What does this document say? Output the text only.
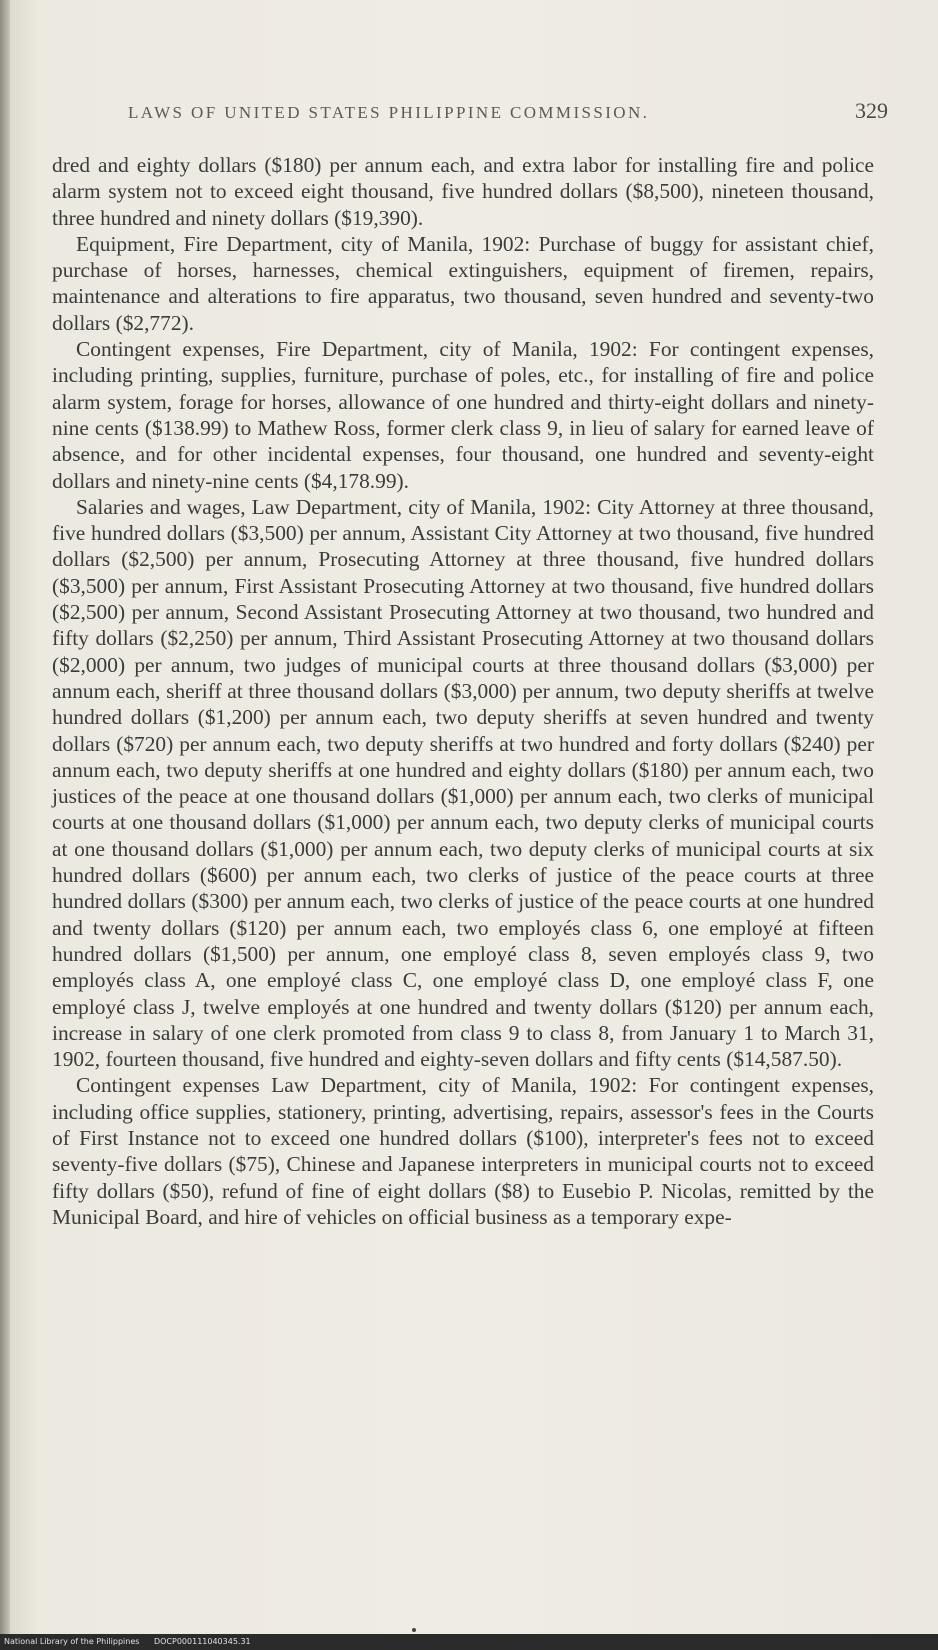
LAWS OF UNITED STATES PHILIPPINE COMMISSION.	329

dred and eighty dollars ($180) per annum each, and extra labor for installing fire and police alarm system not to exceed eight thousand, five hundred dollars ($8,500), nineteen thousand, three hundred and ninety dollars ($19,390).

Equipment, Fire Department, city of Manila, 1902: Purchase of buggy for assistant chief, purchase of horses, harnesses, chemical extinguishers, equipment of firemen, repairs, maintenance and alterations to fire apparatus, two thousand, seven hundred and seventy-two dollars ($2,772).

Contingent expenses, Fire Department, city of Manila, 1902: For contingent expenses, including printing, supplies, furniture, purchase of poles, etc., for installing of fire and police alarm system, forage for horses, allowance of one hundred and thirty-eight dollars and ninety-nine cents ($138.99) to Mathew Ross, former clerk class 9, in lieu of salary for earned leave of absence, and for other incidental expenses, four thousand, one hundred and seventy-eight dollars and ninety-nine cents ($4,178.99).

Salaries and wages, Law Department, city of Manila, 1902: City Attorney at three thousand, five hundred dollars ($3,500) per annum, Assistant City Attorney at two thousand, five hundred dollars ($2,500) per annum, Prosecuting Attorney at three thousand, five hundred dollars ($3,500) per annum, First Assistant Prosecuting Attorney at two thousand, five hundred dollars ($2,500) per annum, Second Assistant Prosecuting Attorney at two thousand, two hundred and fifty dollars ($2,250) per annum, Third Assistant Prosecuting Attorney at two thousand dollars ($2,000) per annum, two judges of municipal courts at three thousand dollars ($3,000) per annum each, sheriff at three thousand dollars ($3,000) per annum, two deputy sheriffs at twelve hundred dollars ($1,200) per annum each, two deputy sheriffs at seven hundred and twenty dollars ($720) per annum each, two deputy sheriffs at two hundred and forty dollars ($240) per annum each, two deputy sheriffs at one hundred and eighty dollars ($180) per annum each, two justices of the peace at one thousand dollars ($1,000) per annum each, two clerks of municipal courts at one thousand dollars ($1,000) per annum each, two deputy clerks of municipal courts at one thousand dollars ($1,000) per annum each, two deputy clerks of municipal courts at six hundred dollars ($600) per annum each, two clerks of justice of the peace courts at three hundred dollars ($300) per annum each, two clerks of justice of the peace courts at one hundred and twenty dollars ($120) per annum each, two employés class 6, one employé at fifteen hundred dollars ($1,500) per annum, one employé class 8, seven employés class 9, two employés class A, one employé class C, one employé class D, one employé class F, one employé class J, twelve employés at one hundred and twenty dollars ($120) per annum each, increase in salary of one clerk promoted from class 9 to class 8, from January 1 to March 31, 1902, fourteen thousand, five hundred and eighty-seven dollars and fifty cents ($14,587.50).

Contingent expenses Law Department, city of Manila, 1902: For contingent expenses, including office supplies, stationery, printing, advertising, repairs, assessor's fees in the Courts of First Instance not to exceed one hundred dollars ($100), interpreter's fees not to exceed seventy-five dollars ($75), Chinese and Japanese interpreters in municipal courts not to exceed fifty dollars ($50), refund of fine of eight dollars ($8) to Eusebio P. Nicolas, remitted by the Municipal Board, and hire of vehicles on official business as a temporary expe-

National Library of the Philippines DOCP000111040345.31
